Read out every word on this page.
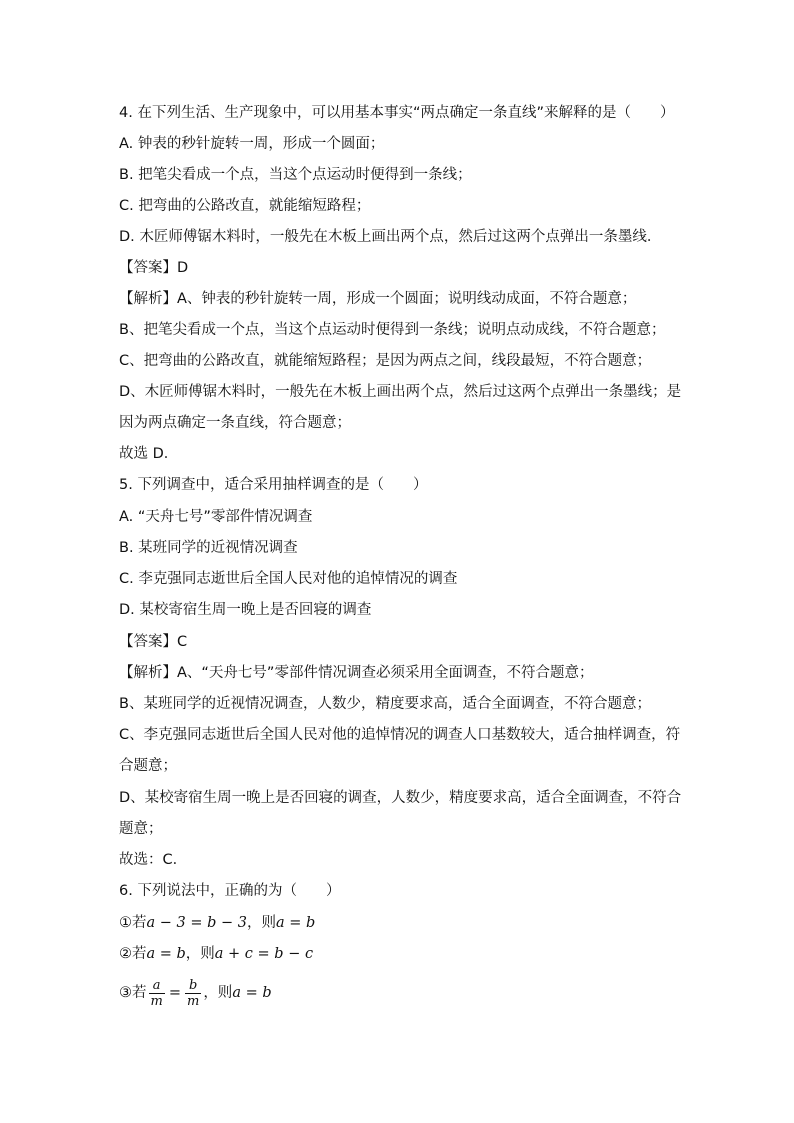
4. 在下列生活、生产现象中，可以用基本事实“两点确定一条直线”来解释的是（　　）
A. 钟表的秒针旋转一周，形成一个圆面；
B. 把笔尖看成一个点，当这个点运动时便得到一条线；
C. 把弯曲的公路改直，就能缩短路程；
D. 木匠师傅锯木料时，一般先在木板上画出两个点，然后过这两个点弹出一条墨线．
【答案】D
【解析】A、钟表的秒针旋转一周，形成一个圆面；说明线动成面，不符合题意；
B、把笔尖看成一个点，当这个点运动时便得到一条线；说明点动成线，不符合题意；
C、把弯曲的公路改直，就能缩短路程；是因为两点之间，线段最短，不符合题意；
D、木匠师傅锯木料时，一般先在木板上画出两个点，然后过这两个点弹出一条墨线；是
因为两点确定一条直线，符合题意；
故选 D．
5. 下列调查中，适合采用抽样调查的是（　　）
A. “天舟七号”零部件情况调查
B. 某班同学的近视情况调查
C. 李克强同志逝世后全国人民对他的追悼情况的调查
D. 某校寄宿生周一晚上是否回寝的调查
【答案】C
【解析】A、“天舟七号”零部件情况调查必须采用全面调查，不符合题意；
B、某班同学的近视情况调查，人数少，精度要求高，适合全面调查，不符合题意；
C、李克强同志逝世后全国人民对他的追悼情况的调查人口基数较大，适合抽样调查，符
合题意；
D、某校寄宿生周一晚上是否回寝的调查，人数少，精度要求高，适合全面调查，不符合
题意；
故选：C．
6. 下列说法中，正确的为（　　）
①若a − 3 = b − 3，则a = b
②若a = b，则a + c = b − c
③若 $\frac{a}{m} = \frac{b}{m}$ ，则a = b
